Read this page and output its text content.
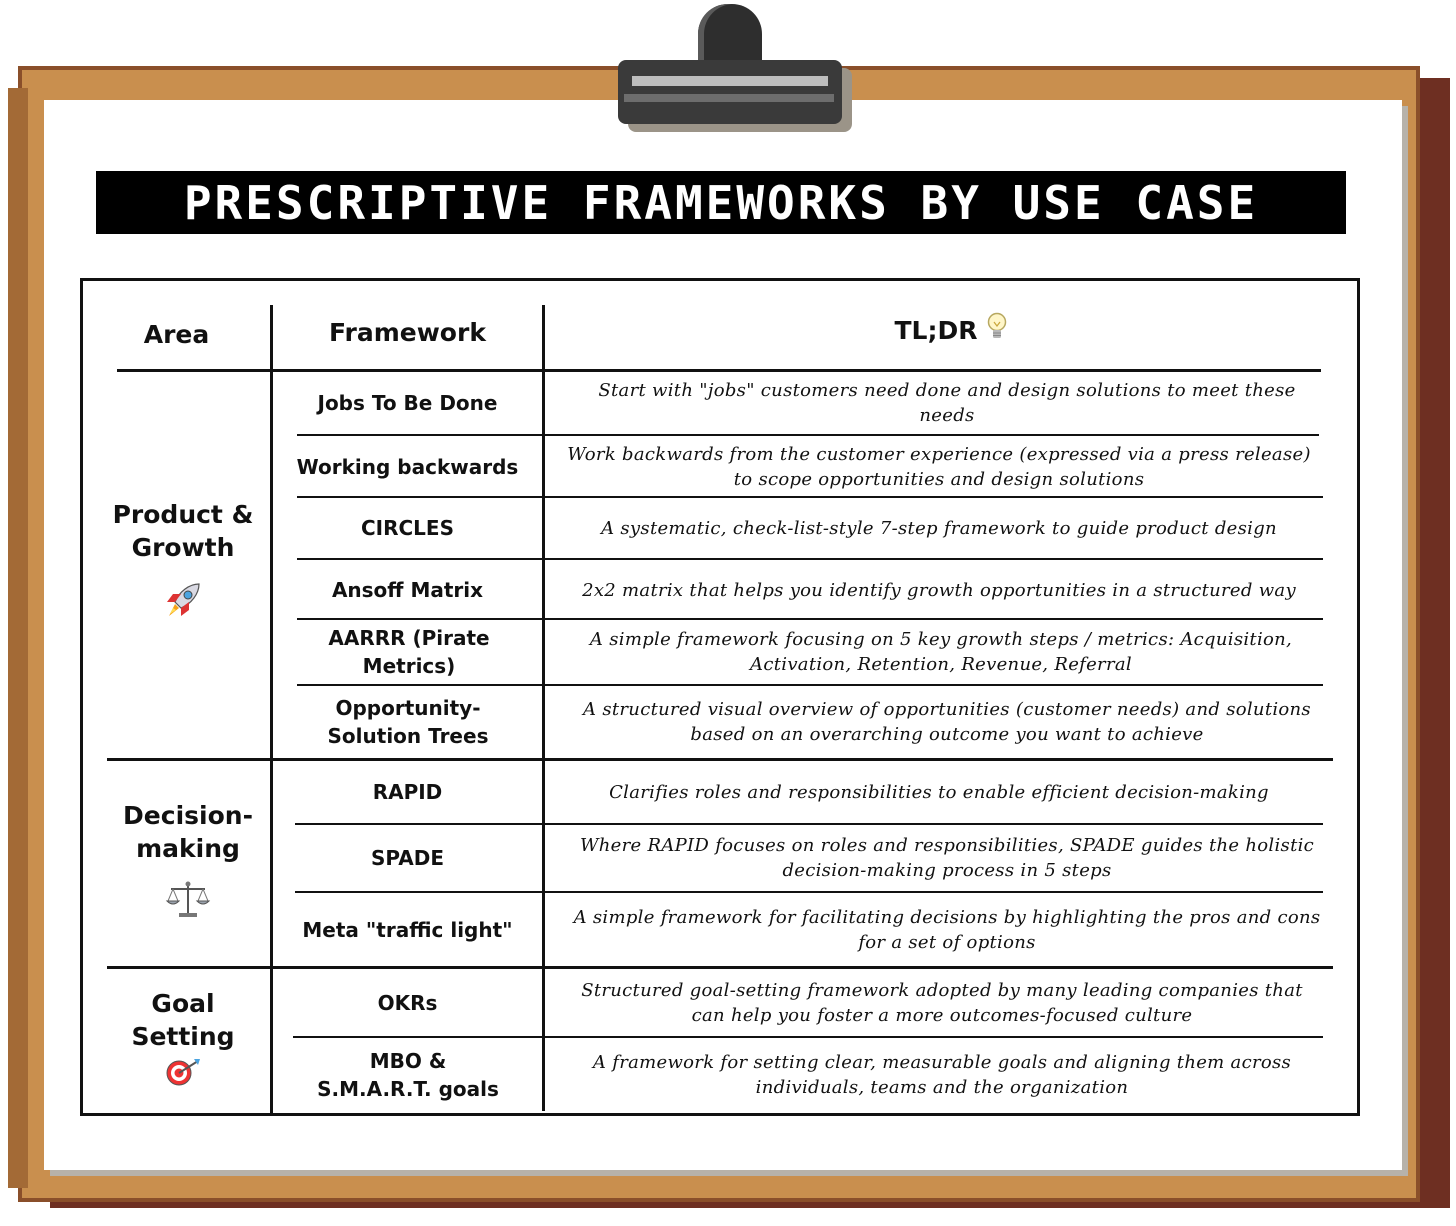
PRESCRIPTIVE FRAMEWORKS BY USE CASE
Area	Framework	TL;DR
Product &
Growth
Decision-
making
Goal
Setting
Jobs To Be Done
Working backwards
CIRCLES
Ansoff Matrix
AARRR (Pirate Metrics)
Opportunity-Solution Trees
RAPID
SPADE
Meta "traffic light"
OKRs
MBO & S.M.A.R.T. goals
Start with "jobs" customers need done and design solutions to meet these needs
Work backwards from the customer experience (expressed via a press release) to scope opportunities and design solutions
A systematic, check-list-style 7-step framework to guide product design
2x2 matrix that helps you identify growth opportunities in a structured way
A simple framework focusing on 5 key growth steps / metrics: Acquisition, Activation, Retention, Revenue, Referral
A structured visual overview of opportunities (customer needs) and solutions based on an overarching outcome you want to achieve
Clarifies roles and responsibilities to enable efficient decision-making
Where RAPID focuses on roles and responsibilities, SPADE guides the holistic decision-making process in 5 steps
A simple framework for facilitating decisions by highlighting the pros and cons for a set of options
Structured goal-setting framework adopted by many leading companies that can help you foster a more outcomes-focused culture
A framework for setting clear, measurable goals and aligning them across individuals, teams and the organization
